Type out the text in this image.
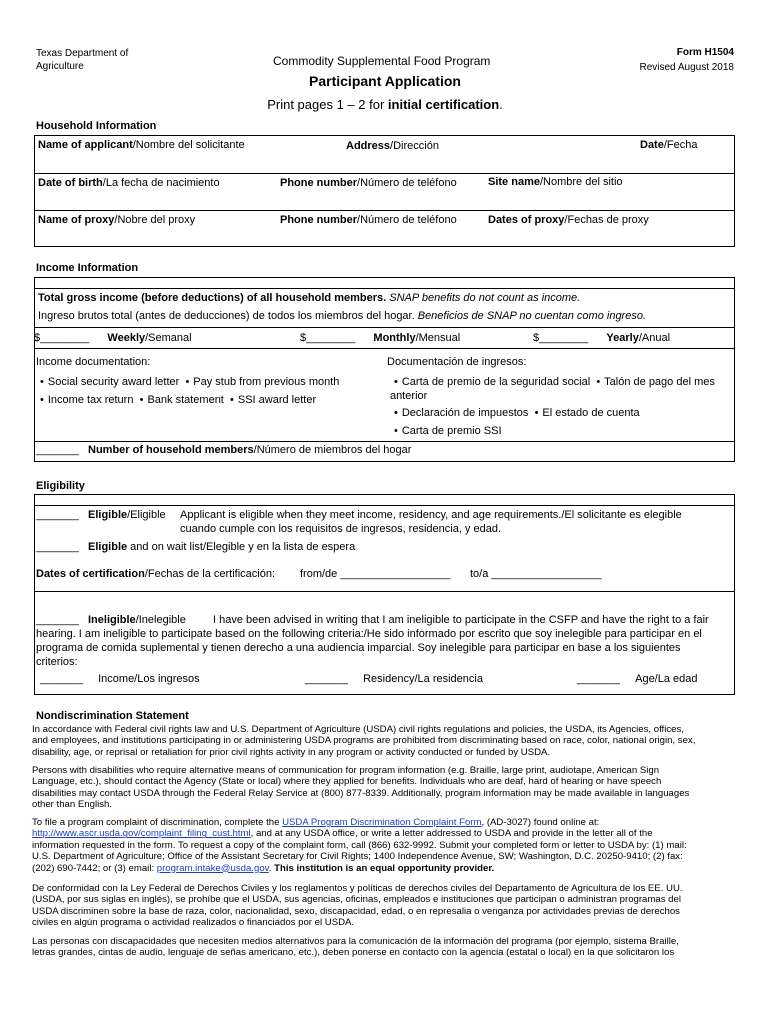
Texas Department of
Agriculture	Commodity Supplemental Food Program
Form H1504
Revised August 2018
Participant Application
Print pages 1 – 2 for initial certification.
Household Information
Name of applicant/Nombre del solicitante	Address/Dirección	Date/Fecha
Date of birth/La fecha de nacimiento	Phone number/Número de teléfono	Site name/Nombre del sitio
Name of proxy/Nobre del proxy	Phone number/Número de teléfono	Dates of proxy/Fechas de proxy
Income Information
Total gross income (before deductions) of all household members. SNAP benefits do not count as income.
Ingreso brutos total (antes de deducciones) de todos los miembros del hogar. Beneficios de SNAP no cuentan como ingreso.
$________ Weekly/Semanal	$________ Monthly/Mensual	$________ Yearly/Anual
Income documentation:
• Social security award letter • Pay stub from previous month
• Income tax return • Bank statement • SSI award letter
Documentación de ingresos:
• Carta de premio de la seguridad social • Talón de pago del mes
anterior
• Declaración de impuestos • El estado de cuenta
• Carta de premio SSI
_______ Number of household members/Número de miembros del hogar
Eligibility
_______ Eligible/Eligible Applicant is eligible when they meet income, residency, and age requirements./El solicitante es elegible
cuando cumple con los requisitos de ingresos, residencia, y edad.
_______ Eligible and on wait list/Elegible y en la lista de espera
Dates of certification/Fechas de la certificación: from/de __________________ to/a __________________
_______ Ineligible/Inelegible I have been advised in writing that I am ineligible to participate in the CSFP and have the right to a fair
hearing. I am ineligible to participate based on the following criteria:/He sido informado por escrito que soy inelegible para participar en el
programa de comida suplemental y tienen derecho a una audiencia imparcial. Soy inelegible para participar en base a los siguientes
criterios:
_______ Income/Los ingresos	_______ Residency/La residencia	_______ Age/La edad
Nondiscrimination Statement
In accordance with Federal civil rights law and U.S. Department of Agriculture (USDA) civil rights regulations and policies, the USDA, its Agencies, offices,
and employees, and institutions participating in or administering USDA programs are prohibited from discriminating based on race, color, national origin, sex,
disability, age, or reprisal or retaliation for prior civil rights activity in any program or activity conducted or funded by USDA.
Persons with disabilities who require alternative means of communication for program information (e.g. Braille, large print, audiotape, American Sign
Language, etc.), should contact the Agency (State or local) where they applied for benefits. Individuals who are deaf, hard of hearing or have speech
disabilities may contact USDA through the Federal Relay Service at (800) 877-8339. Additionally, program information may be made available in languages
other than English.
To file a program complaint of discrimination, complete the USDA Program Discrimination Complaint Form, (AD-3027) found online at:
http://www.ascr.usda.gov/complaint_filing_cust.html, and at any USDA office, or write a letter addressed to USDA and provide in the letter all of the
information requested in the form. To request a copy of the complaint form, call (866) 632-9992. Submit your completed form or letter to USDA by: (1) mail:
U.S. Department of Agriculture; Office of the Assistant Secretary for Civil Rights; 1400 Independence Avenue, SW; Washington, D.C. 20250-9410; (2) fax:
(202) 690-7442; or (3) email: program.intake@usda.gov. This institution is an equal opportunity provider.
De conformidad con la Ley Federal de Derechos Civiles y los reglamentos y políticas de derechos civiles del Departamento de Agricultura de los EE. UU.
(USDA, por sus siglas en inglés), se prohíbe que el USDA, sus agencias, oficinas, empleados e instituciones que participan o administran programas del
USDA discriminen sobre la base de raza, color, nacionalidad, sexo, discapacidad, edad, o en represalia o venganza por actividades previas de derechos
civiles en algún programa o actividad realizados o financiados por el USDA.
Las personas con discapacidades que necesiten medios alternativos para la comunicación de la información del programa (por ejemplo, sistema Braille,
letras grandes, cintas de audio, lenguaje de señas americano, etc.), deben ponerse en contacto con la agencia (estatal o local) en la que solicitaron los
